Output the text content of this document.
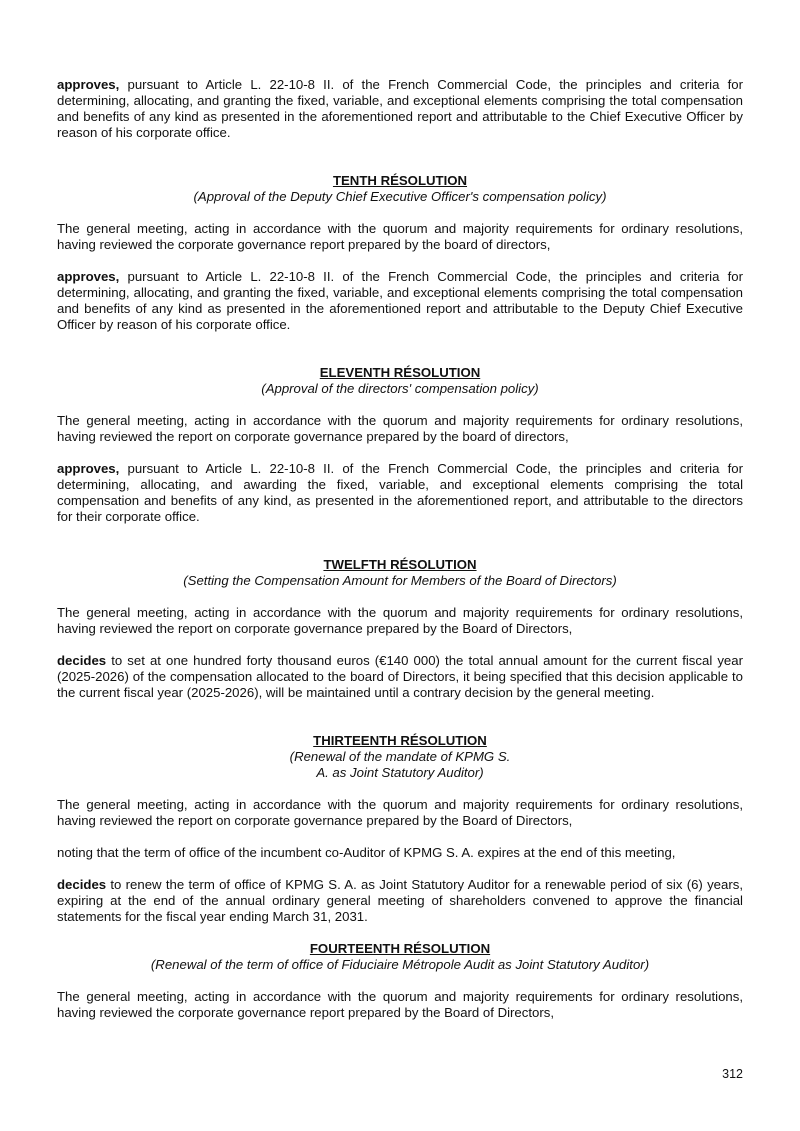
approves, pursuant to Article L. 22-10-8 II. of the French Commercial Code, the principles and criteria for determining, allocating, and granting the fixed, variable, and exceptional elements comprising the total compensation and benefits of any kind as presented in the aforementioned report and attributable to the Chief Executive Officer by reason of his corporate office.

TENTH RÉSOLUTION
(Approval of the Deputy Chief Executive Officer's compensation policy)

The general meeting, acting in accordance with the quorum and majority requirements for ordinary resolutions, having reviewed the corporate governance report prepared by the board of directors,

approves, pursuant to Article L. 22-10-8 II. of the French Commercial Code, the principles and criteria for determining, allocating, and granting the fixed, variable, and exceptional elements comprising the total compensation and benefits of any kind as presented in the aforementioned report and attributable to the Deputy Chief Executive Officer by reason of his corporate office.

ELEVENTH RÉSOLUTION
(Approval of the directors' compensation policy)

The general meeting, acting in accordance with the quorum and majority requirements for ordinary resolutions, having reviewed the report on corporate governance prepared by the board of directors,

approves, pursuant to Article L. 22-10-8 II. of the French Commercial Code, the principles and criteria for determining, allocating, and awarding the fixed, variable, and exceptional elements comprising the total compensation and benefits of any kind, as presented in the aforementioned report, and attributable to the directors for their corporate office.

TWELFTH RÉSOLUTION
(Setting the Compensation Amount for Members of the Board of Directors)

The general meeting, acting in accordance with the quorum and majority requirements for ordinary resolutions, having reviewed the report on corporate governance prepared by the Board of Directors,

decides to set at one hundred forty thousand euros (€140 000) the total annual amount for the current fiscal year (2025-2026) of the compensation allocated to the board of Directors, it being specified that this decision applicable to the current fiscal year (2025-2026), will be maintained until a contrary decision by the general meeting.

THIRTEENTH RÉSOLUTION
(Renewal of the mandate of KPMG S.
A. as Joint Statutory Auditor)

The general meeting, acting in accordance with the quorum and majority requirements for ordinary resolutions, having reviewed the report on corporate governance prepared by the Board of Directors,

noting that the term of office of the incumbent co-Auditor of KPMG S. A. expires at the end of this meeting,

decides to renew the term of office of KPMG S. A. as Joint Statutory Auditor for a renewable period of six (6) years, expiring at the end of the annual ordinary general meeting of shareholders convened to approve the financial statements for the fiscal year ending March 31, 2031.

FOURTEENTH RÉSOLUTION
(Renewal of the term of office of Fiduciaire Métropole Audit as Joint Statutory Auditor)

The general meeting, acting in accordance with the quorum and majority requirements for ordinary resolutions, having reviewed the corporate governance report prepared by the Board of Directors,

312
